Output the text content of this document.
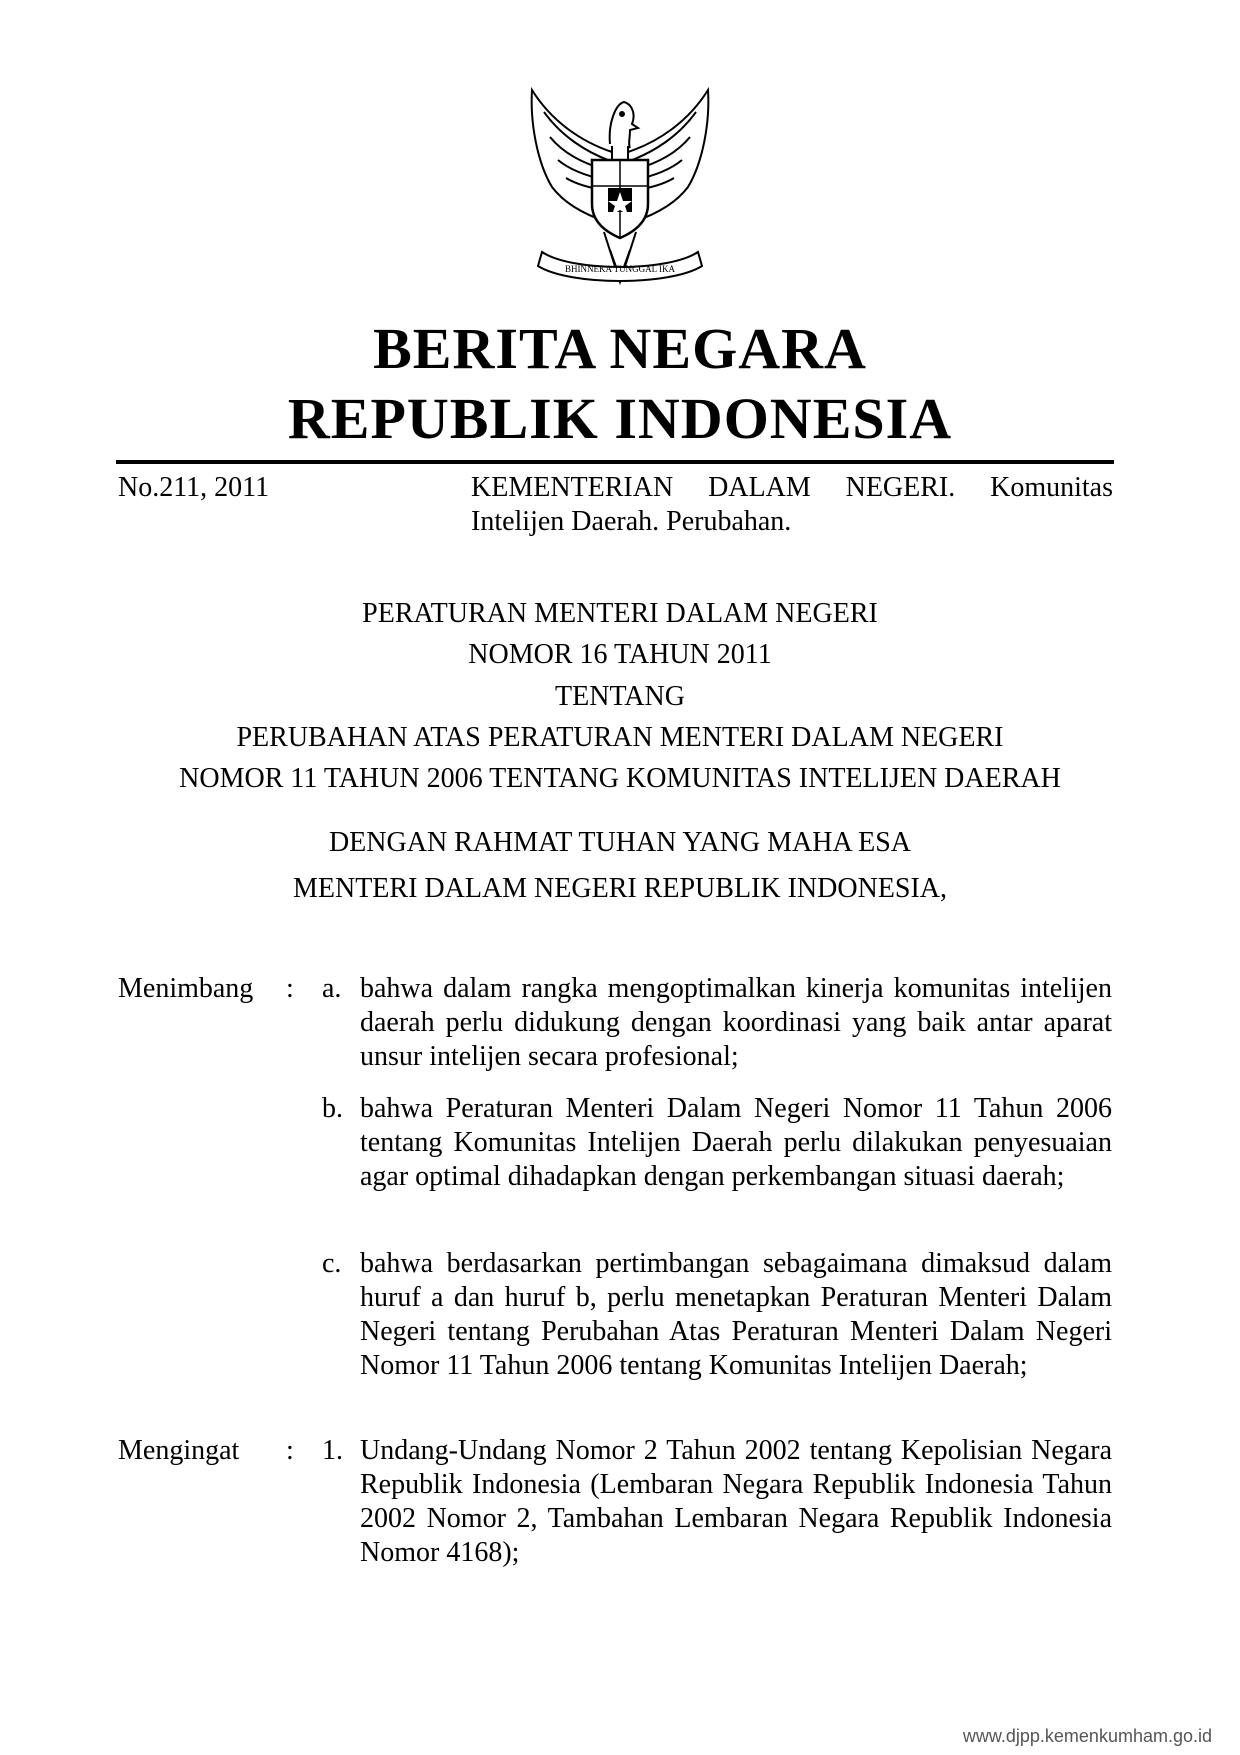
BHINNEKA TUNGGAL IKA
BERITA NEGARA
REPUBLIK INDONESIA
No.211, 2011	KEMENTERIAN DALAM NEGERI. Komunitas Intelijen Daerah. Perubahan.
PERATURAN MENTERI DALAM NEGERI
NOMOR 16 TAHUN 2011
TENTANG
PERUBAHAN ATAS PERATURAN MENTERI DALAM NEGERI
NOMOR 11 TAHUN 2006 TENTANG KOMUNITAS INTELIJEN DAERAH
DENGAN RAHMAT TUHAN YANG MAHA ESA
MENTERI DALAM NEGERI REPUBLIK INDONESIA,
Menimbang : a. bahwa dalam rangka mengoptimalkan kinerja komunitas intelijen daerah perlu didukung dengan koordinasi yang baik antar aparat unsur intelijen secara profesional;
b. bahwa Peraturan Menteri Dalam Negeri Nomor 11 Tahun 2006 tentang Komunitas Intelijen Daerah perlu dilakukan penyesuaian agar optimal dihadapkan dengan perkembangan situasi daerah;
c. bahwa berdasarkan pertimbangan sebagaimana dimaksud dalam huruf a dan huruf b, perlu menetapkan Peraturan Menteri Dalam Negeri tentang Perubahan Atas Peraturan Menteri Dalam Negeri Nomor 11 Tahun 2006 tentang Komunitas Intelijen Daerah;
Mengingat : 1. Undang-Undang Nomor 2 Tahun 2002 tentang Kepolisian Negara Republik Indonesia (Lembaran Negara Republik Indonesia Tahun 2002 Nomor 2, Tambahan Lembaran Negara Republik Indonesia Nomor 4168);
www.djpp.kemenkumham.go.id
